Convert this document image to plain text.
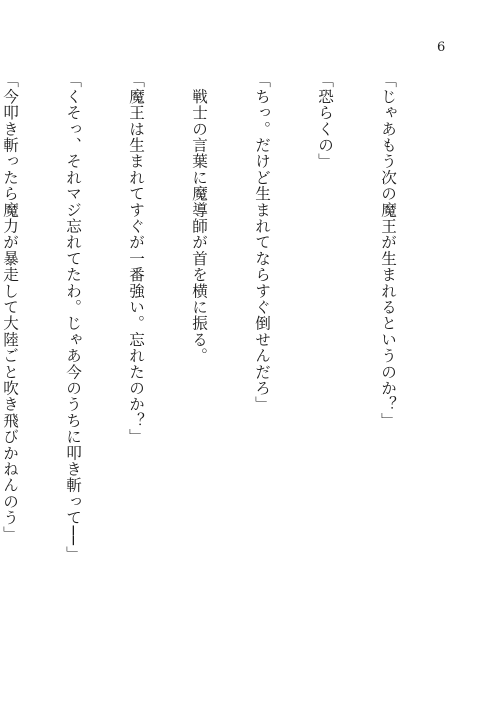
6

「じゃあもう次の魔王が生まれるというのか？」

「恐らくの」

「ちっ。だけど生まれてならすぐ倒せんだろ」

　戦士の言葉に魔導師が首を横に振る。

「魔王は生まれてすぐが一番強い。忘れたのか？」

「くそっ、それマジ忘れてたわ。じゃあ今のうちに叩き斬って──」

「今叩き斬ったら魔力が暴走して大陸ごと吹き飛びかねんのう」
